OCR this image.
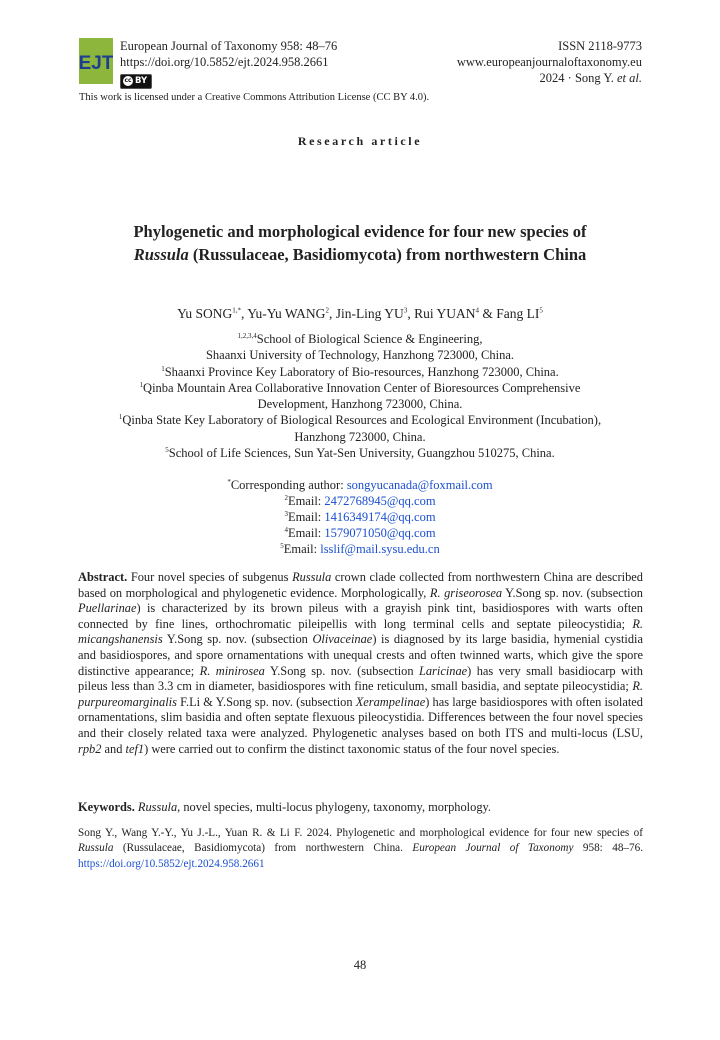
EJT
European Journal of Taxonomy 958: 48–76
https://doi.org/10.5852/ejt.2024.958.2661
cc BY
ISSN 2118-9773
www.europeanjournaloftaxonomy.eu
2024 · Song Y. et al.
This work is licensed under a Creative Commons Attribution License (CC BY 4.0).
Research article
Phylogenetic and morphological evidence for four new species of
Russula (Russulaceae, Basidiomycota) from northwestern China
Yu $SONG^{1,*}$, Yu-Yu WANG$^2$, Jin-Ling $YU^3$, Rui YUAN$^4$ & Fang $LI^5$
$^{1,2,3,4}$School of Biological Science & Engineering,
Shaanxi University of Technology, Hanzhong 723000, China.
$^1$Shaanxi Province Key Laboratory of Bio-resources, Hanzhong 723000, China.
$^1$Qinba Mountain Area Collaborative Innovation Center of Bioresources Comprehensive
Development, Hanzhong 723000, China.
$^1$Qinba State Key Laboratory of Biological Resources and Ecological Environment (Incubation),
Hanzhong 723000, China.
$^5$School of Life Sciences, Sun Yat-Sen University, Guangzhou 510275, China.
*Corresponding author: songyucanada@foxmail.com
$^2$Email: 2472768945@qq.com
$^3$Email: 1416349174@qq.com
$^4$Email: 1579071050@qq.com
$^5$Email: lsslif@mail.sysu.edu.cn
Abstract. Four novel species of subgenus Russula crown clade collected from northwestern China are described based on morphological and phylogenetic evidence. Morphologically, R. griseorosea Y.Song sp. nov. (subsection Puellarinae) is characterized by its brown pileus with a grayish pink tint, basidiospores with warts often connected by fine lines, orthochromatic pileipellis with long terminal cells and septate pileocystidia; R. micangshanensis Y.Song sp. nov. (subsection Olivaceinae) is diagnosed by its large basidia, hymenial cystidia and basidiospores, and spore ornamentations with unequal crests and often twinned warts, which give the spore distinctive appearance; R. minirosea Y.Song sp. nov. (subsection Laricinae) has very small basidiocarp with pileus less than 3.3 cm in diameter, basidiospores with fine reticulum, small basidia, and septate pileocystidia; R. purpureomarginalis F.Li & Y.Song sp. nov. (subsection Xerampelinae) has large basidiospores with often isolated ornamentations, slim basidia and often septate flexuous pileocystidia. Differences between the four novel species and their closely related taxa were analyzed. Phylogenetic analyses based on both ITS and multi-locus (LSU, rpb2 and tef1) were carried out to confirm the distinct taxonomic status of the four novel species.
Keywords. Russula, novel species, multi-locus phylogeny, taxonomy, morphology.
Song Y., Wang Y.-Y., Yu J.-L., Yuan R. & Li F. 2024. Phylogenetic and morphological evidence for four new species of Russula (Russulaceae, Basidiomycota) from northwestern China. European Journal of Taxonomy 958: 48–76. https://doi.org/10.5852/ejt.2024.958.2661
48
